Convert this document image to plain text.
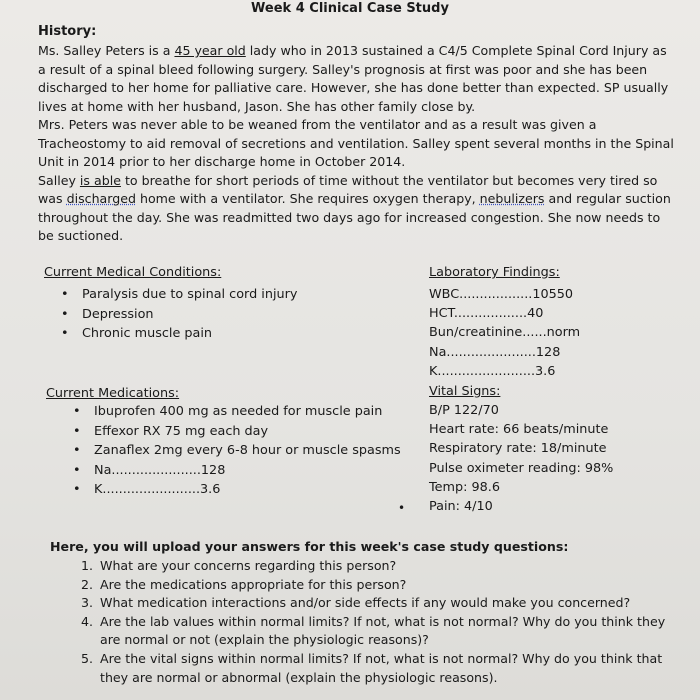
Week 4 Clinical Case Study
History:

Ms. Salley Peters is a 45 year old lady who in 2013 sustained a C4/5 Complete Spinal Cord Injury as a result of a spinal bleed following surgery. Salley's prognosis at first was poor and she has been discharged to her home for palliative care. However, she has done better than expected. SP usually lives at home with her husband, Jason. She has other family close by.

Mrs. Peters was never able to be weaned from the ventilator and as a result was given a Tracheostomy to aid removal of secretions and ventilation. Salley spent several months in the Spinal Unit in 2014 prior to her discharge home in October 2014.

Salley is able to breathe for short periods of time without the ventilator but becomes very tired so was discharged home with a ventilator. She requires oxygen therapy, nebulizers and regular suction throughout the day. She was readmitted two days ago for increased congestion. She now needs to be suctioned.

Current Medical Conditions:
• Paralysis due to spinal cord injury
• Depression
• Chronic muscle pain
Laboratory Findings:
WBC..................10550
HCT..................40
Bun/creatinine......norm
Na......................128
K........................3.6
Current Medications:
• Ibuprofen 400 mg as needed for muscle pain
• Effexor RX 75 mg each day
• Zanaflex 2mg every 6-8 hour or muscle spasms
• Na......................128
• K........................3.6
Vital Signs:
B/P 122/70
Heart rate: 66 beats/minute
Respiratory rate: 18/minute
Pulse oximeter reading: 98%
Temp: 98.6
Pain: 4/10
•
Here, you will upload your answers for this week's case study questions:
1. What are your concerns regarding this person?
2. Are the medications appropriate for this person?
3. What medication interactions and/or side effects if any would make you concerned?
4. Are the lab values within normal limits? If not, what is not normal? Why do you think they are normal or not (explain the physiologic reasons)?
5. Are the vital signs within normal limits? If not, what is not normal? Why do you think that they are normal or abnormal (explain the physiologic reasons).
